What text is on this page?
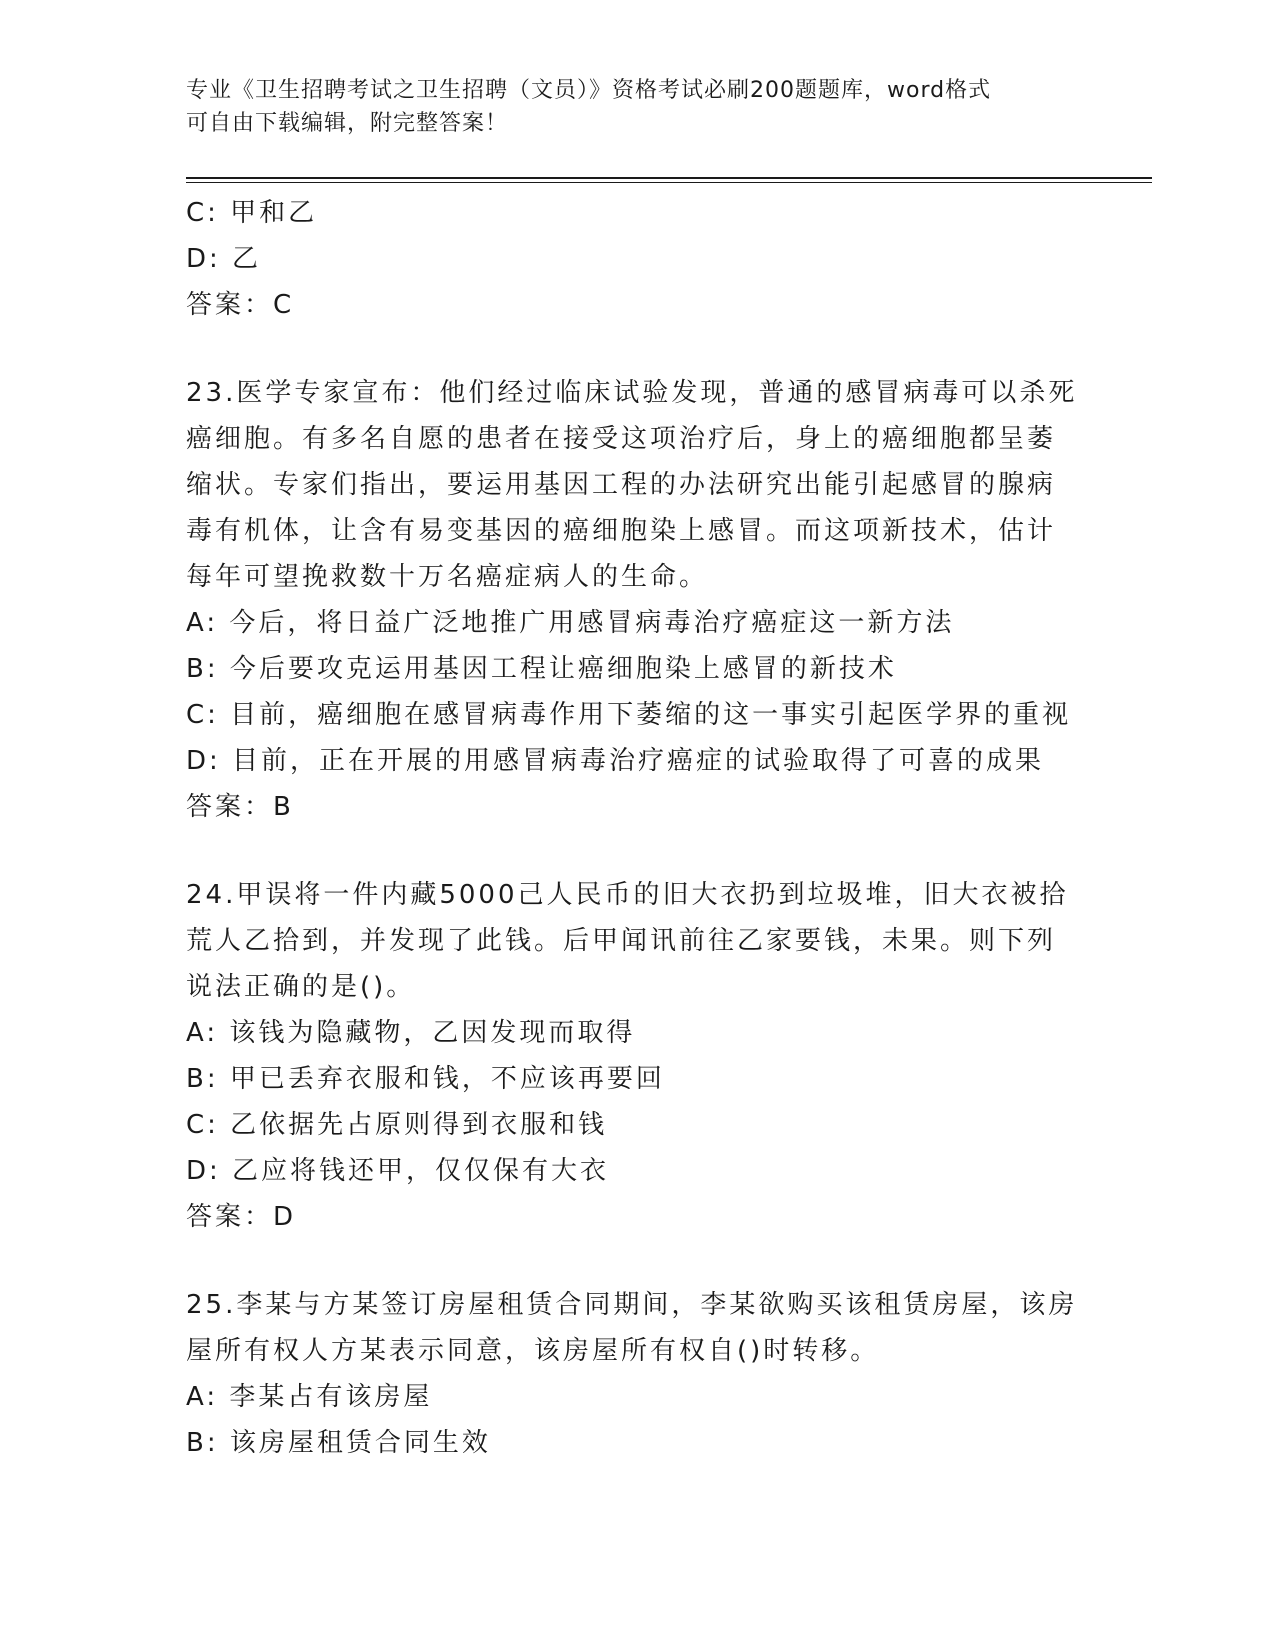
专业《卫生招聘考试之卫生招聘（文员）》资格考试必刷200题题库，word格式
可自由下载编辑，附完整答案！
C: 甲和乙
D: 乙
答案：C
23.医学专家宣布：他们经过临床试验发现，普通的感冒病毒可以杀死
癌细胞。有多名自愿的患者在接受这项治疗后，身上的癌细胞都呈萎
缩状。专家们指出，要运用基因工程的办法研究出能引起感冒的腺病
毒有机体，让含有易变基因的癌细胞染上感冒。而这项新技术，估计
每年可望挽救数十万名癌症病人的生命。
A: 今后，将日益广泛地推广用感冒病毒治疗癌症这一新方法
B: 今后要攻克运用基因工程让癌细胞染上感冒的新技术
C: 目前，癌细胞在感冒病毒作用下萎缩的这一事实引起医学界的重视
D: 目前，正在开展的用感冒病毒治疗癌症的试验取得了可喜的成果
答案：B
24.甲误将一件内藏5000己人民币的旧大衣扔到垃圾堆，旧大衣被拾
荒人乙拾到，并发现了此钱。后甲闻讯前往乙家要钱，未果。则下列
说法正确的是()。
A: 该钱为隐藏物，乙因发现而取得
B: 甲已丢弃衣服和钱，不应该再要回
C: 乙依据先占原则得到衣服和钱
D: 乙应将钱还甲，仅仅保有大衣
答案：D
25.李某与方某签订房屋租赁合同期间，李某欲购买该租赁房屋，该房
屋所有权人方某表示同意，该房屋所有权自()时转移。
A: 李某占有该房屋
B: 该房屋租赁合同生效
